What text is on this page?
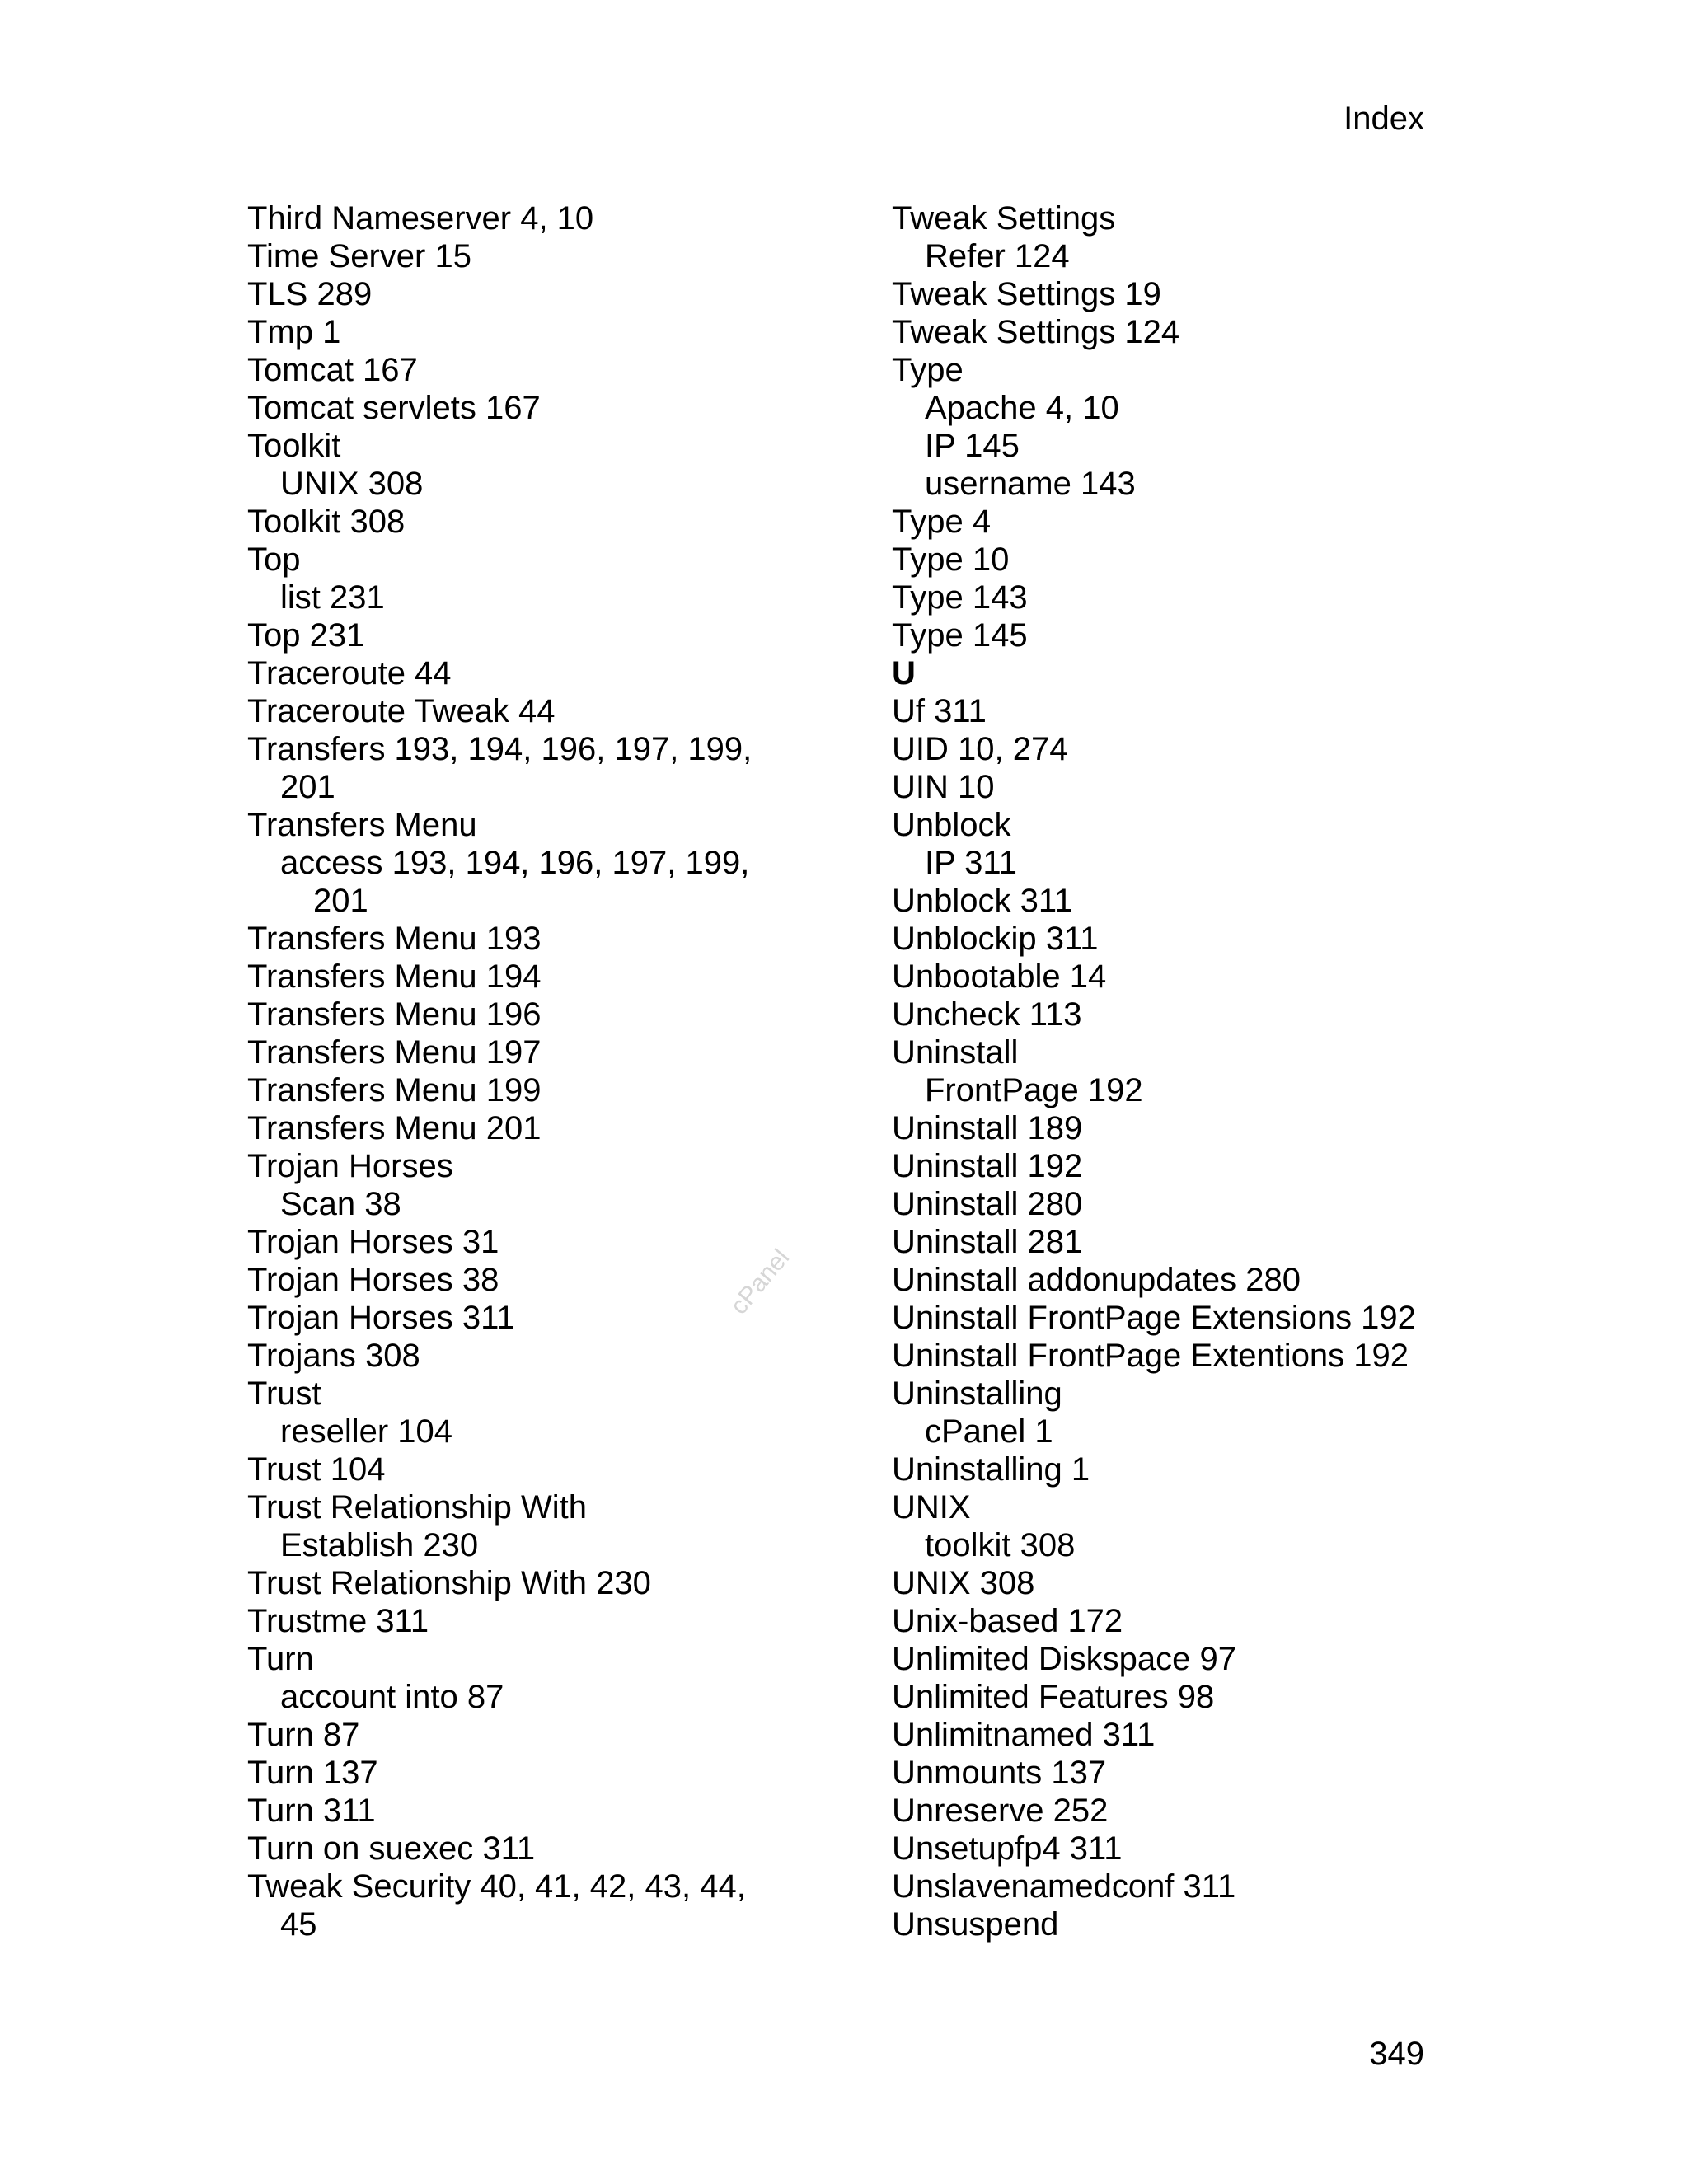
Index
Third Nameserver 4, 10
Time Server 15
TLS 289
Tmp 1
Tomcat 167
Tomcat servlets 167
Toolkit
UNIX 308
Toolkit 308
Top
list 231
Top 231
Traceroute 44
Traceroute Tweak 44
Transfers 193, 194, 196, 197, 199,
201
Transfers Menu
access 193, 194, 196, 197, 199,
201
Transfers Menu 193
Transfers Menu 194
Transfers Menu 196
Transfers Menu 197
Transfers Menu 199
Transfers Menu 201
Trojan Horses
Scan 38
Trojan Horses 31
Trojan Horses 38
Trojan Horses 311
Trojans 308
Trust
reseller 104
Trust 104
Trust Relationship With
Establish 230
Trust Relationship With 230
Trustme 311
Turn
account into 87
Turn 87
Turn 137
Turn 311
Turn on suexec 311
Tweak Security 40, 41, 42, 43, 44,
45
Tweak Settings
Refer 124
Tweak Settings 19
Tweak Settings 124
Type
Apache 4, 10
IP 145
username 143
Type 4
Type 10
Type 143
Type 145
U
Uf 311
UID 10, 274
UIN 10
Unblock
IP 311
Unblock 311
Unblockip 311
Unbootable 14
Uncheck 113
Uninstall
FrontPage 192
Uninstall 189
Uninstall 192
Uninstall 280
Uninstall 281
Uninstall addonupdates 280
Uninstall FrontPage Extensions 192
Uninstall FrontPage Extentions 192
Uninstalling
cPanel 1
Uninstalling 1
UNIX
toolkit 308
UNIX 308
Unix-based 172
Unlimited Diskspace 97
Unlimited Features 98
Unlimitnamed 311
Unmounts 137
Unreserve 252
Unsetupfp4 311
Unslavenamedconf 311
Unsuspend
cPanel
349
